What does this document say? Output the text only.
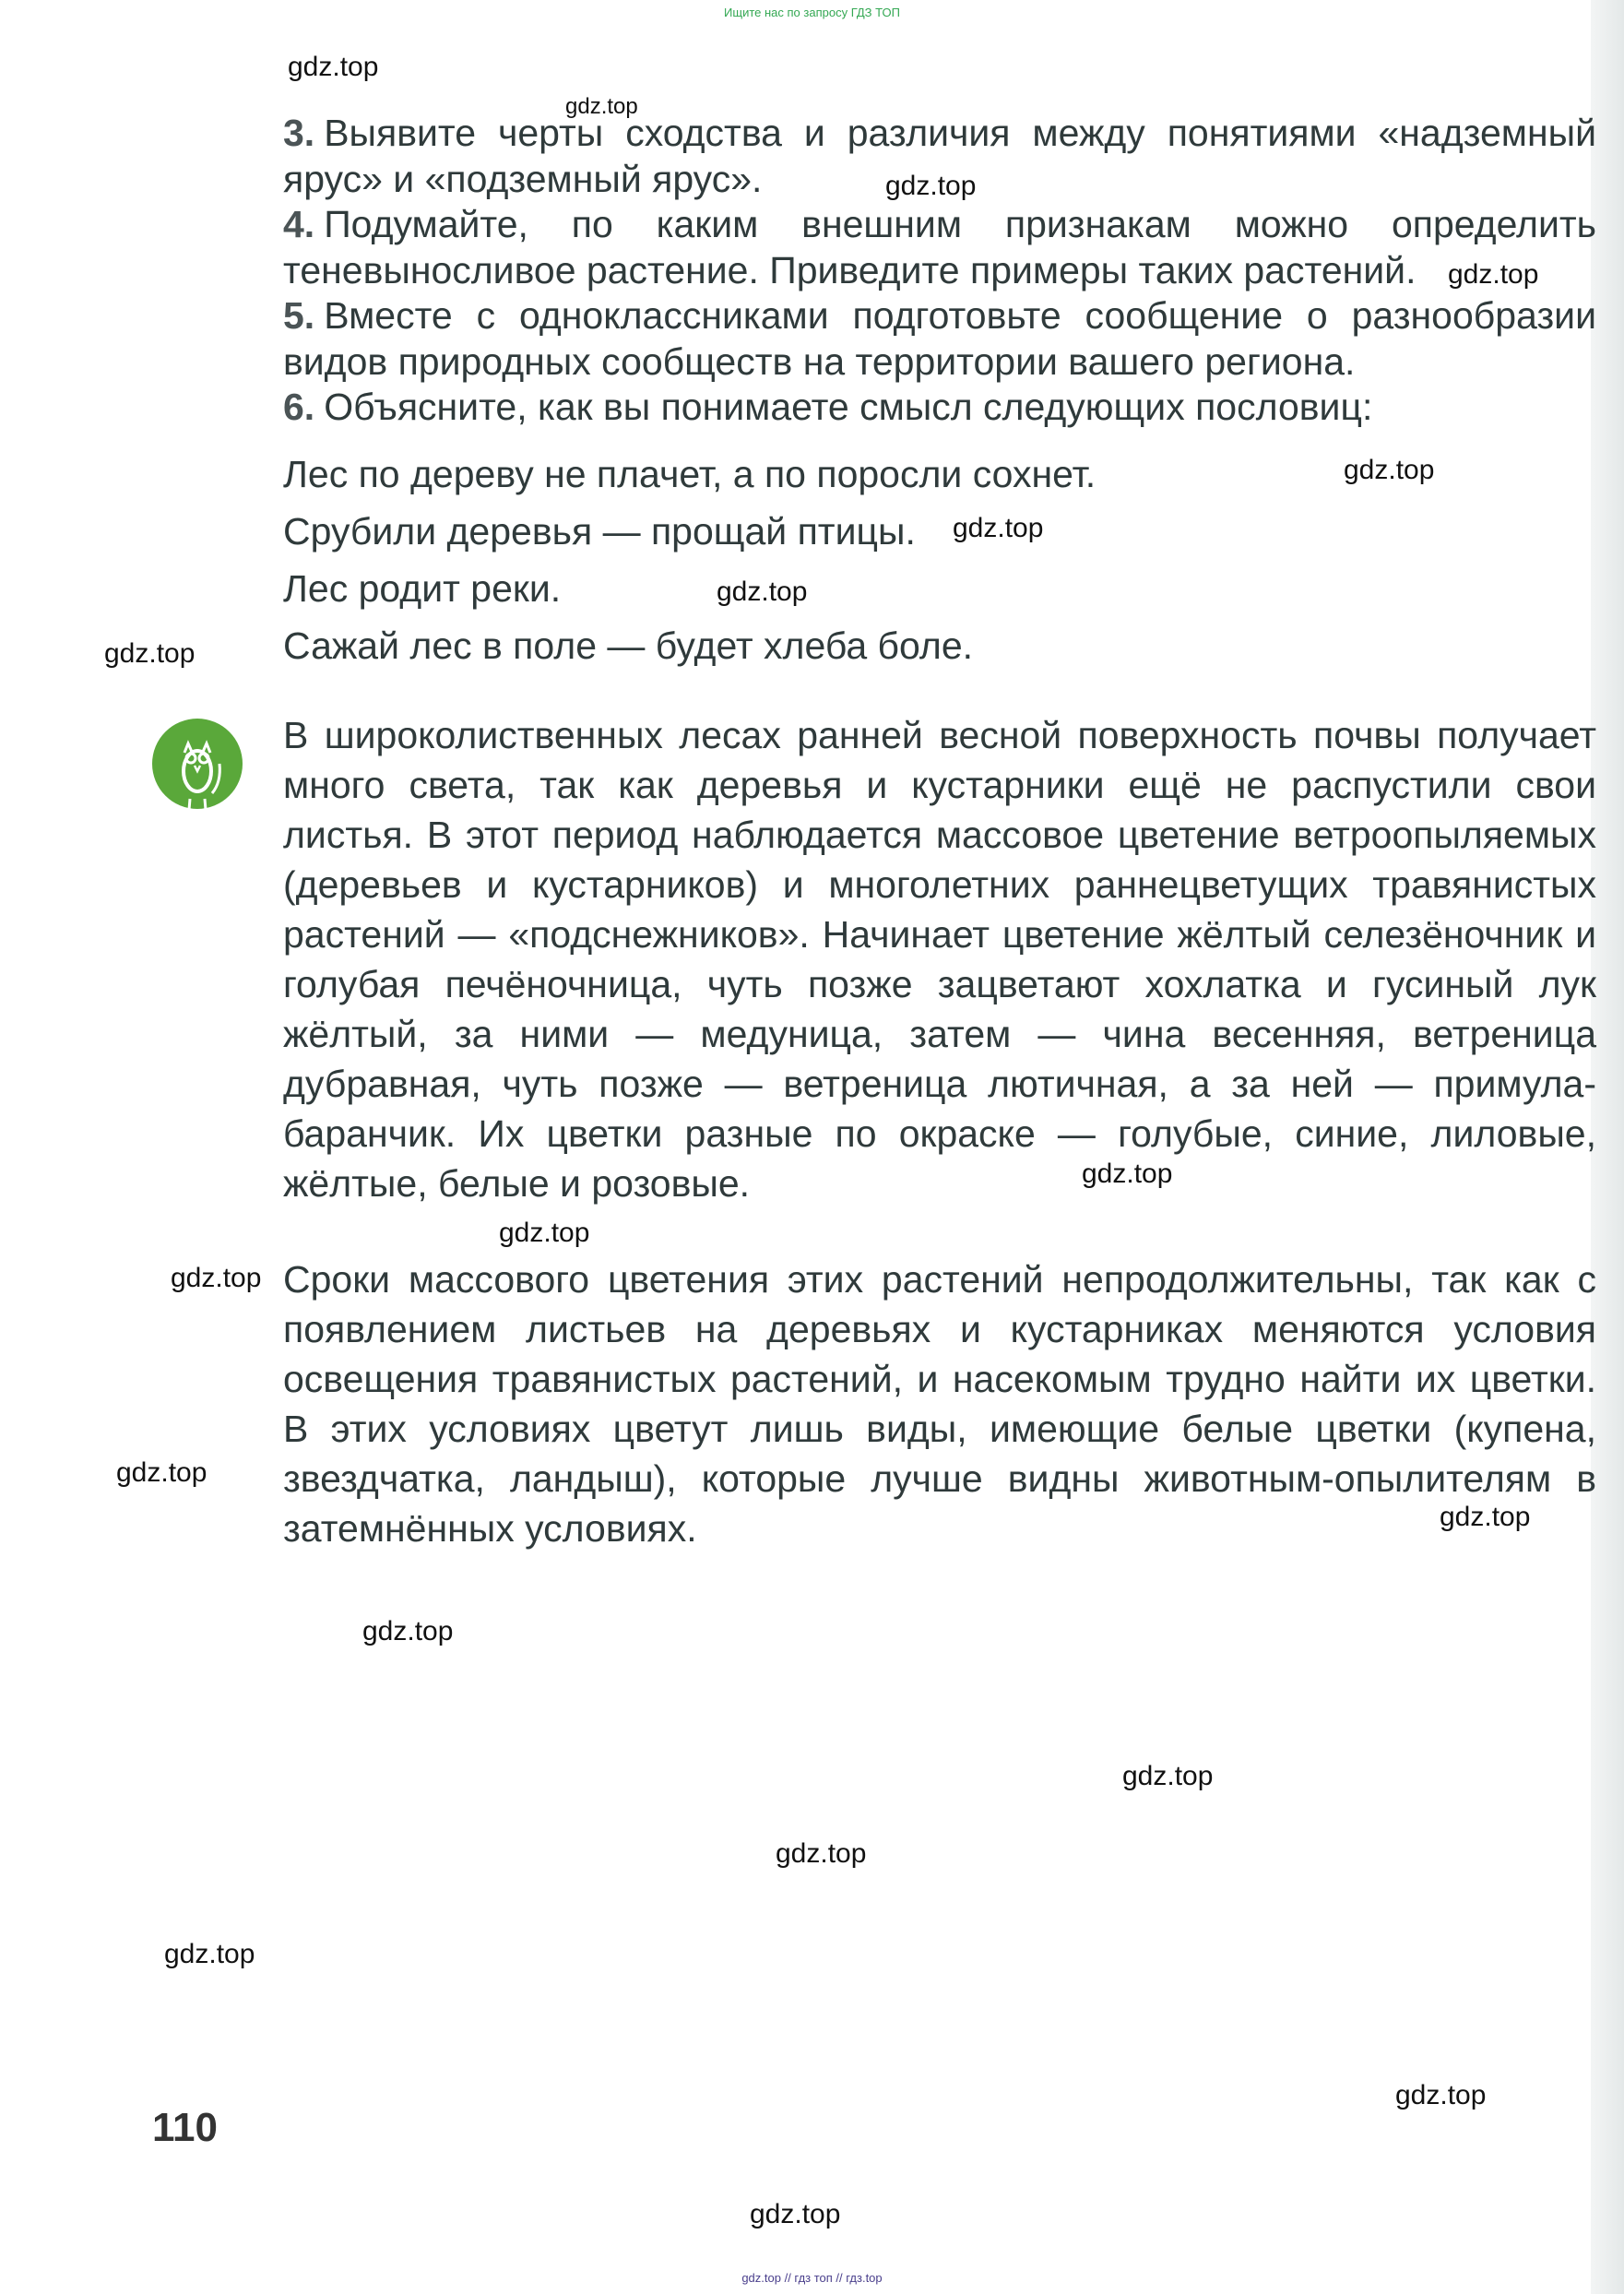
Ищите нас по запросу ГДЗ ТОП
3. Выявите черты сходства и различия между понятиями «надземный ярус» и «подземный ярус».
4. Подумайте, по каким внешним признакам можно определить теневыносливое растение. Приведите примеры таких растений.
5. Вместе с одноклассниками подготовьте сообщение о разнообразии видов природных сообществ на территории вашего региона.
6. Объясните, как вы понимаете смысл следующих пословиц:
Лес по дереву не плачет, а по поросли сохнет.
Срубили деревья — прощай птицы.
Лес родит реки.
Сажай лес в поле — будет хлеба боле.
В широколиственных лесах ранней весной поверхность почвы получает много света, так как деревья и кустарники ещё не распустили свои листья. В этот период наблюдается массовое цветение ветроопыляемых (деревьев и кустарников) и многолетних раннецветущих травянистых растений — «подснежников». Начинает цветение жёлтый селезёночник и голубая печёночница, чуть позже зацветают хохлатка и гусиный лук жёлтый, за ними — медуница, затем — чина весенняя, ветреница дубравная, чуть позже — ветреница лютичная, а за ней — примула-баранчик. Их цветки разные по окраске — голубые, синие, лиловые, жёлтые, белые и розовые.
Сроки массового цветения этих растений непродолжительны, так как с появлением листьев на деревьях и кустарниках меняются условия освещения травянистых растений, и насекомым трудно найти их цветки. В этих условиях цветут лишь виды, имеющие белые цветки (купена, звездчатка, ландыш), которые лучше видны животным-опылителям в затемнённых условиях.
110
gdz.top
gdz.top
gdz.top
gdz.top
gdz.top
gdz.top
gdz.top
gdz.top
gdz.top
gdz.top
gdz.top
gdz.top
gdz.top
gdz.top
gdz.top
gdz.top
gdz.top
gdz.top
gdz.top
gdz.top // гдз топ // гдз.top
